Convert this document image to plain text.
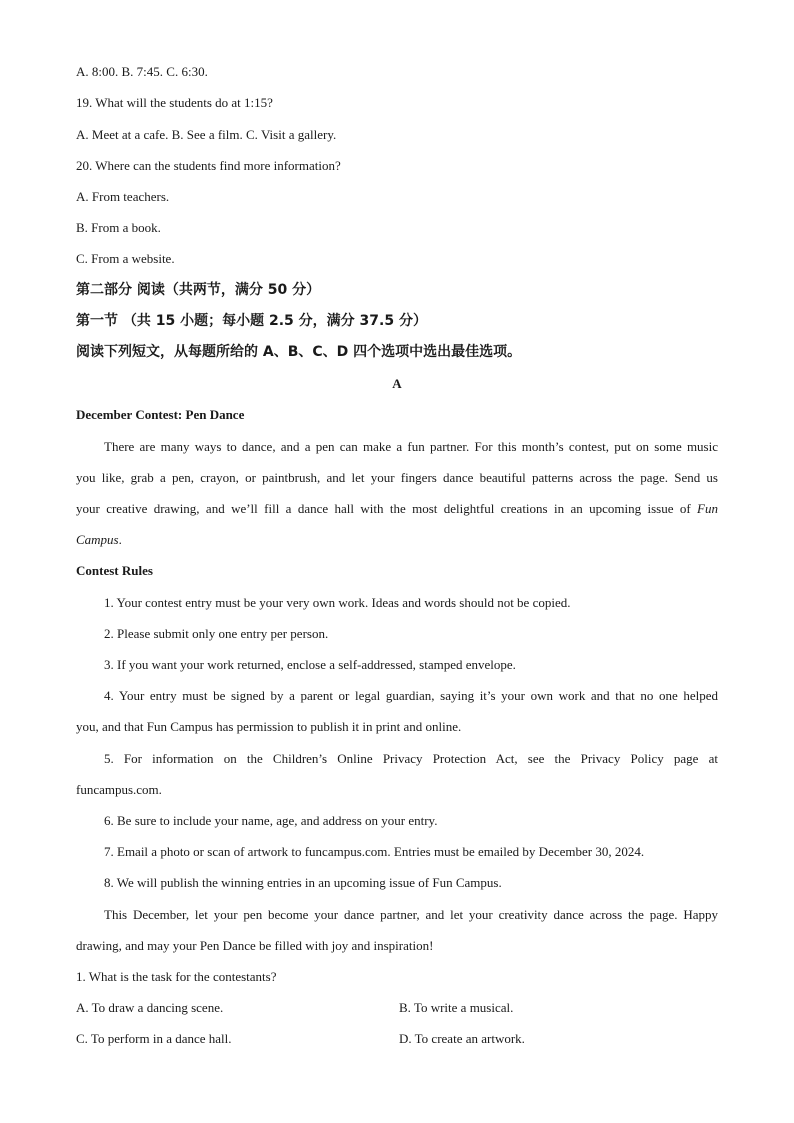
A. 8:00. B. 7:45. C. 6:30.
19. What will the students do at 1:15?
A. Meet at a cafe. B. See a film. C. Visit a gallery.
20. Where can the students find more information?
A. From teachers.
B. From a book.
C. From a website.
第二部分 阅读（共两节，满分 50 分）
第一节 （共 15 小题；每小题 2.5 分，满分 37.5 分）
阅读下列短文，从每题所给的 A、B、C、D 四个选项中选出最佳选项。
A
December Contest: Pen Dance
There are many ways to dance, and a pen can make a fun partner. For this month’s contest, put on some music
you like, grab a pen, crayon, or paintbrush, and let your fingers dance beautiful patterns across the page. Send us
your creative drawing, and we’ll fill a dance hall with the most delightful creations in an upcoming issue of Fun
Campus.
Contest Rules
1. Your contest entry must be your very own work. Ideas and words should not be copied.
2. Please submit only one entry per person.
3. If you want your work returned, enclose a self-addressed, stamped envelope.
4. Your entry must be signed by a parent or legal guardian, saying it’s your own work and that no one helped
you, and that Fun Campus has permission to publish it in print and online.
5. For information on the Children’s Online Privacy Protection Act, see the Privacy Policy page at
funcampus.com.
6. Be sure to include your name, age, and address on your entry.
7. Email a photo or scan of artwork to funcampus.com. Entries must be emailed by December 30, 2024.
8. We will publish the winning entries in an upcoming issue of Fun Campus.
This December, let your pen become your dance partner, and let your creativity dance across the page. Happy
drawing, and may your Pen Dance be filled with joy and inspiration!
1. What is the task for the contestants?
A. To draw a dancing scene.	B. To write a musical.
C. To perform in a dance hall.	D. To create an artwork.
